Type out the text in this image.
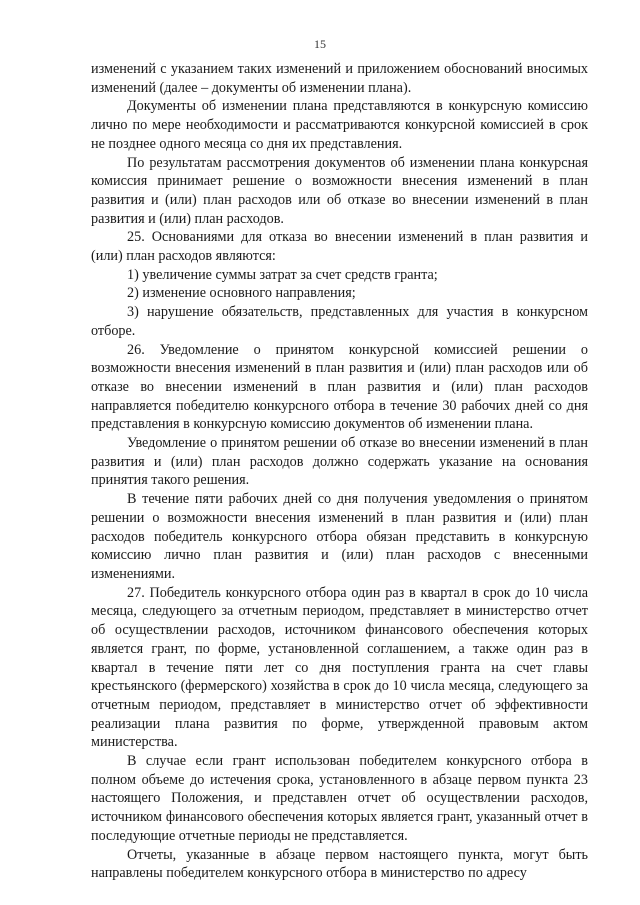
15

изменений с указанием таких изменений и приложением обоснований вносимых изменений (далее – документы об изменении плана).

Документы об изменении плана представляются в конкурсную комиссию лично по мере необходимости и рассматриваются конкурсной комиссией в срок не позднее одного месяца со дня их представления.

По результатам рассмотрения документов об изменении плана конкурсная комиссия принимает решение о возможности внесения изменений в план развития и (или) план расходов или об отказе во внесении изменений в план развития и (или) план расходов.

25. Основаниями для отказа во внесении изменений в план развития и (или) план расходов являются:

1) увеличение суммы затрат за счет средств гранта;

2) изменение основного направления;

3) нарушение обязательств, представленных для участия в конкурсном отборе.

26. Уведомление о принятом конкурсной комиссией решении о возможности внесения изменений в план развития и (или) план расходов или об отказе во внесении изменений в план развития и (или) план расходов направляется победителю конкурсного отбора в течение 30 рабочих дней со дня представления в конкурсную комиссию документов об изменении плана.

Уведомление о принятом решении об отказе во внесении изменений в план развития и (или) план расходов должно содержать указание на основания принятия такого решения.

В течение пяти рабочих дней со дня получения уведомления о принятом решении о возможности внесения изменений в план развития и (или) план расходов победитель конкурсного отбора обязан представить в конкурсную комиссию лично план развития и (или) план расходов с внесенными изменениями.

27. Победитель конкурсного отбора один раз в квартал в срок до 10 числа месяца, следующего за отчетным периодом, представляет в министерство отчет об осуществлении расходов, источником финансового обеспечения которых является грант, по форме, установленной соглашением, а также один раз в квартал в течение пяти лет со дня поступления гранта на счет главы крестьянского (фермерского) хозяйства в срок до 10 числа месяца, следующего за отчетным периодом, представляет в министерство отчет об эффективности реализации плана развития по форме, утвержденной правовым актом министерства.

В случае если грант использован победителем конкурсного отбора в полном объеме до истечения срока, установленного в абзаце первом пункта 23 настоящего Положения, и представлен отчет об осуществлении расходов, источником финансового обеспечения которых является грант, указанный отчет в последующие отчетные периоды не представляется.

Отчеты, указанные в абзаце первом настоящего пункта, могут быть направлены победителем конкурсного отбора в министерство по адресу
